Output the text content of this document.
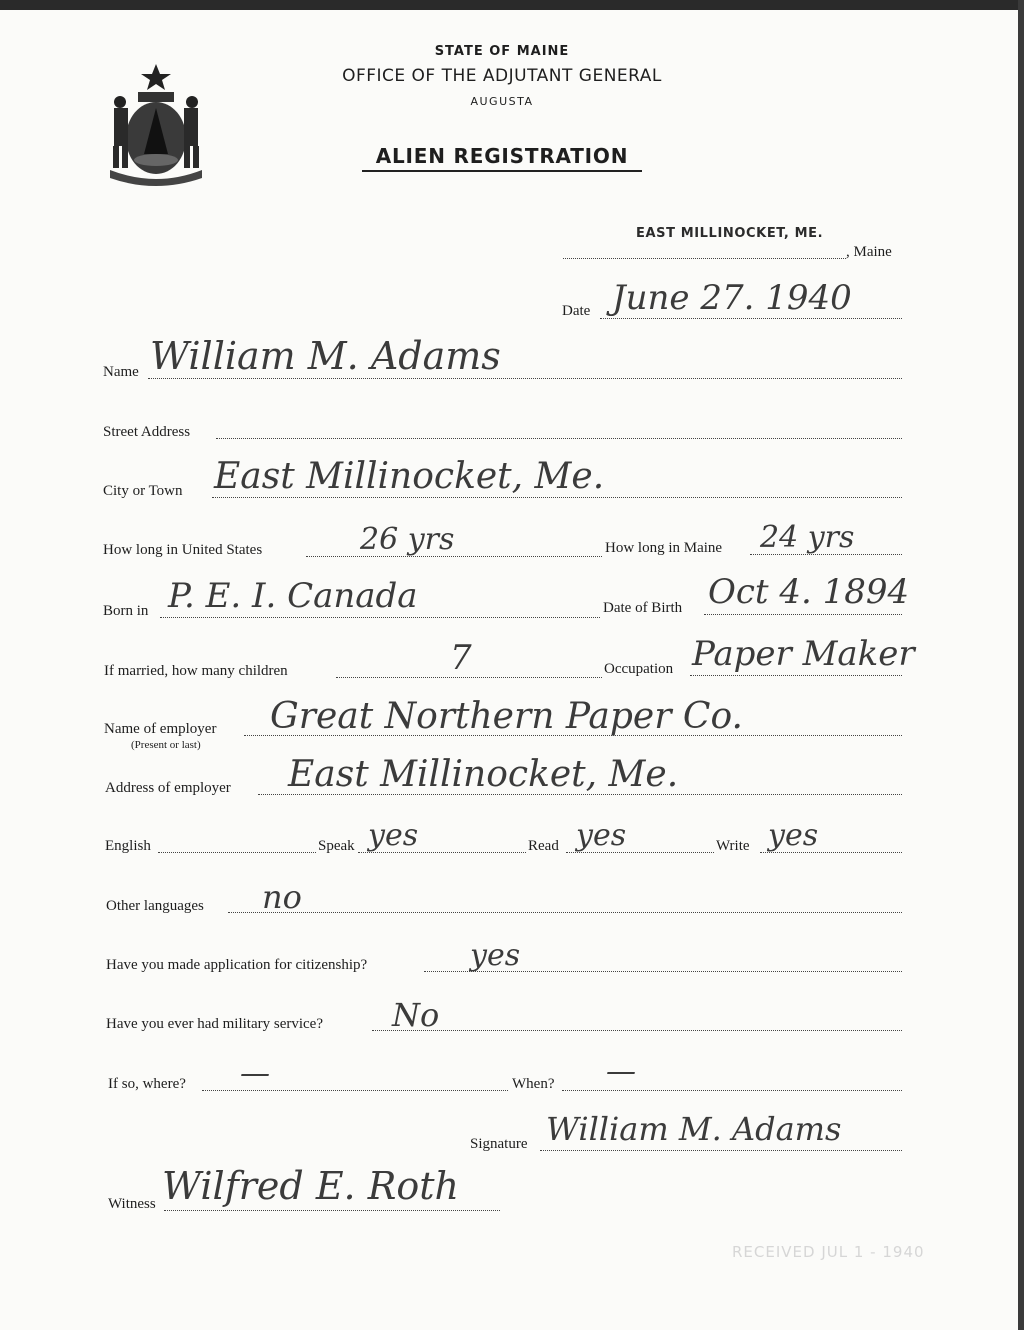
STATE OF MAINE
OFFICE OF THE ADJUTANT GENERAL
AUGUSTA
ALIEN REGISTRATION
EAST MILLINOCKET, ME.
, Maine
Date June 27. 1940
Name William M. Adams
Street Address
City or Town East Millinocket, Me.
How long in United States	26 yrs	How long in Maine 24 yrs
Born in P. E. I. Canada	Date of Birth Oct 4. 1894
If married, how many children	7	Occupation Paper Maker
Name of employer
(Present or last)
Great Northern Paper Co.
Address of employer East Millinocket, Me.
English	Speak yes	Read yes	Write yes
Other languages no
Have you made application for citizenship?	yes
Have you ever had military service? No
If so, where? —	When? —
Signature William M. Adams
Witness Wilfred E. Roth
RECEIVED JUL 1 - 1940
